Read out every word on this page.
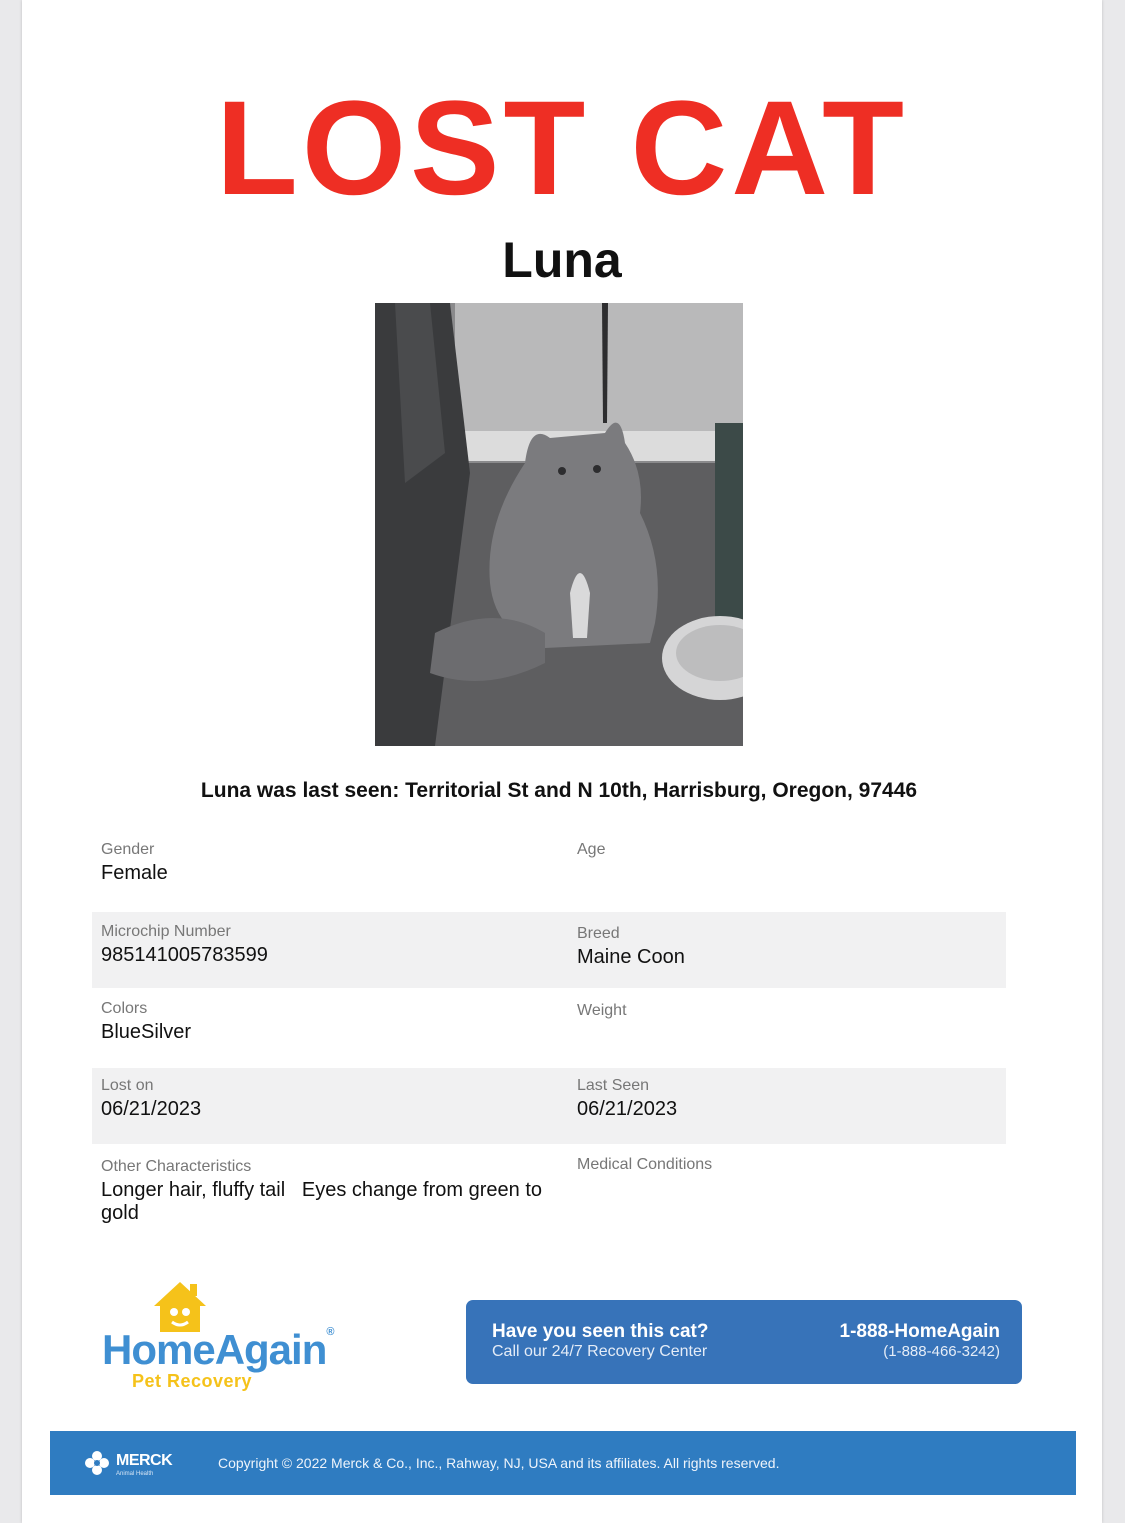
LOST CAT
Luna
Luna was last seen: Territorial St and N 10th, Harrisburg, Oregon, 97446
Gender
Female
Age
Microchip Number
985141005783599
Breed
Maine Coon
Colors
BlueSilver
Weight
Lost on
06/21/2023
Last Seen
06/21/2023
Other Characteristics
Longer hair, fluffy tail   Eyes change from green to gold
Medical Conditions
HomeAgain®
Pet Recovery
Have you seen this cat?
Call our 24/7 Recovery Center
1-888-HomeAgain
(1-888-466-3242)
MERCK
Animal Health
Copyright © 2022 Merck & Co., Inc., Rahway, NJ, USA and its affiliates. All rights reserved.
